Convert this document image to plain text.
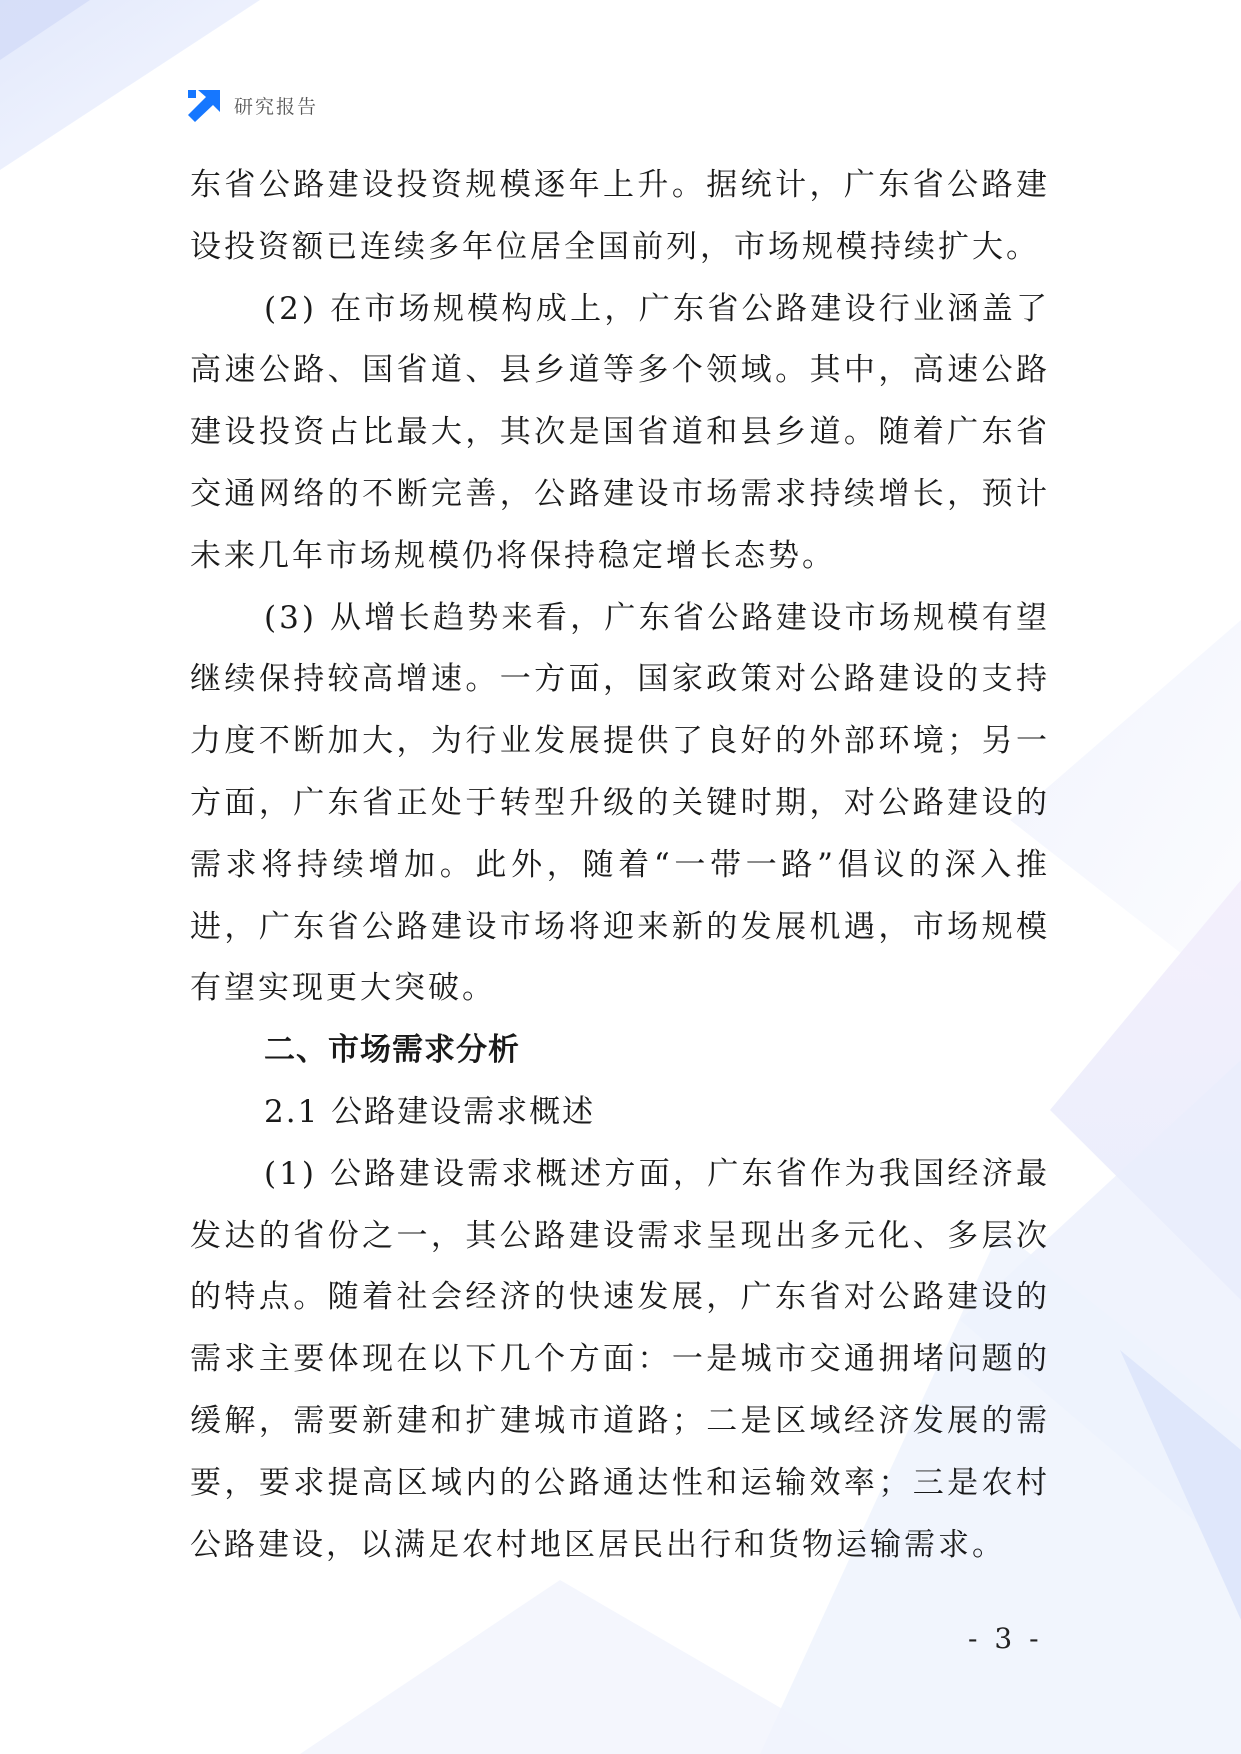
研究报告

东省公路建设投资规模逐年上升。据统计，广东省公路建设投资额已连续多年位居全国前列，市场规模持续扩大。

(2) 在市场规模构成上，广东省公路建设行业涵盖了高速公路、国省道、县乡道等多个领域。其中，高速公路建设投资占比最大，其次是国省道和县乡道。随着广东省交通网络的不断完善，公路建设市场需求持续增长，预计未来几年市场规模仍将保持稳定增长态势。

(3) 从增长趋势来看，广东省公路建设市场规模有望继续保持较高增速。一方面，国家政策对公路建设的支持力度不断加大，为行业发展提供了良好的外部环境；另一方面，广东省正处于转型升级的关键时期，对公路建设的需求将持续增加。此外，随着“一带一路”倡议的深入推进，广东省公路建设市场将迎来新的发展机遇，市场规模有望实现更大突破。

二、市场需求分析

2.1 公路建设需求概述

(1) 公路建设需求概述方面，广东省作为我国经济最发达的省份之一，其公路建设需求呈现出多元化、多层次的特点。随着社会经济的快速发展，广东省对公路建设的需求主要体现在以下几个方面：一是城市交通拥堵问题的缓解，需要新建和扩建城市道路；二是区域经济发展的需要，要求提高区域内的公路通达性和运输效率；三是农村公路建设，以满足农村地区居民出行和货物运输需求。

- 3 -
